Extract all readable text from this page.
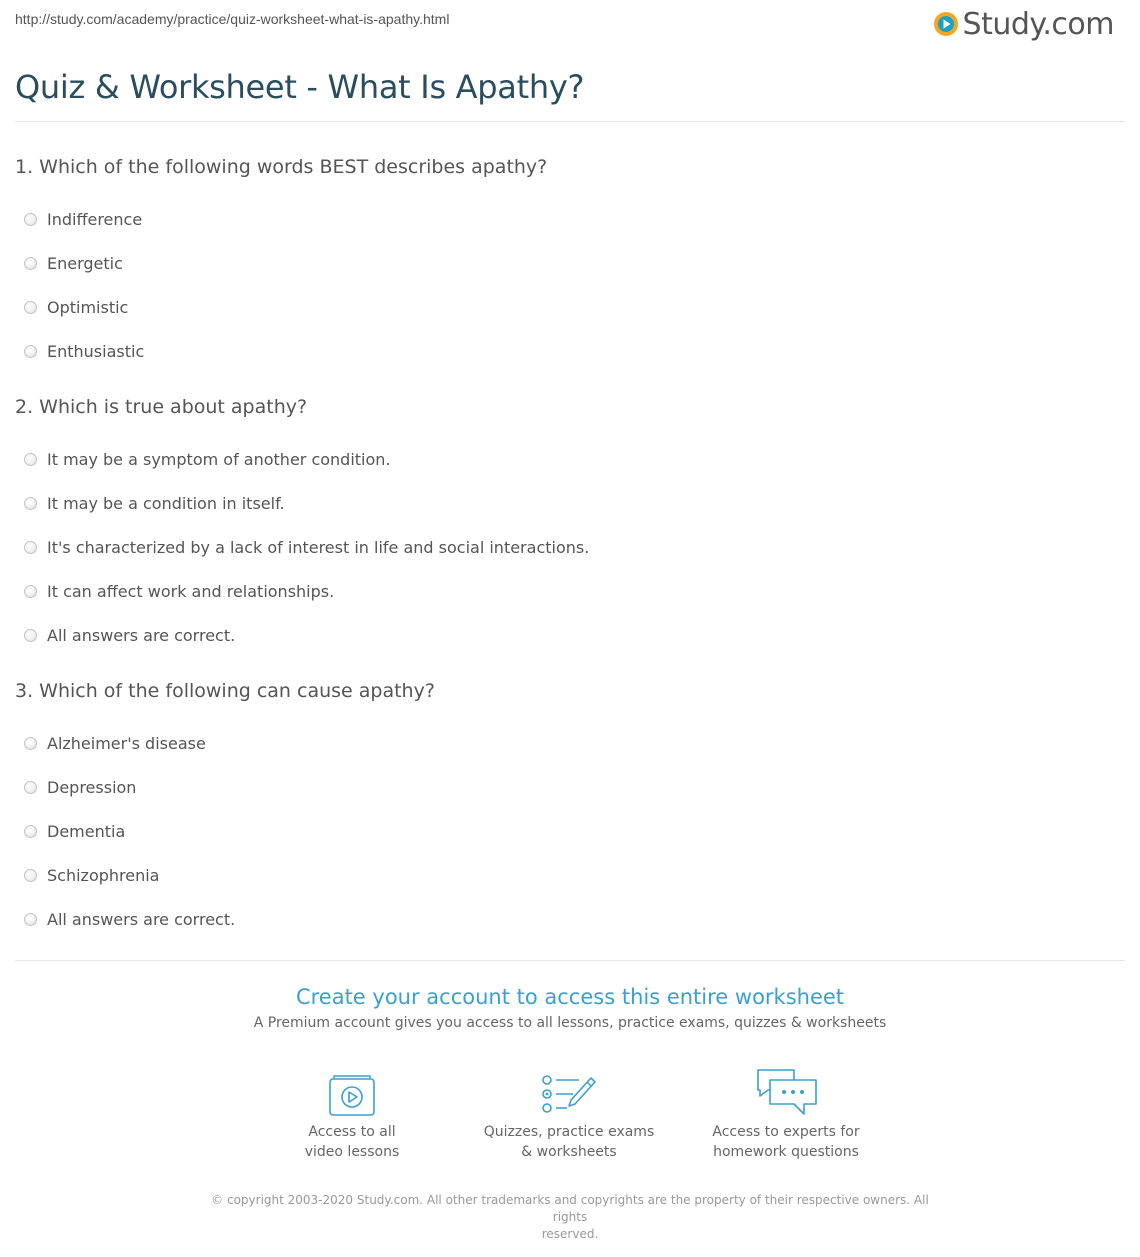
http://study.com/academy/practice/quiz-worksheet-what-is-apathy.html	Study.com
Quiz & Worksheet - What Is Apathy?
1. Which of the following words BEST describes apathy?
Indifference
Energetic
Optimistic
Enthusiastic
2. Which is true about apathy?
It may be a symptom of another condition.
It may be a condition in itself.
It's characterized by a lack of interest in life and social interactions.
It can affect work and relationships.
All answers are correct.
3. Which of the following can cause apathy?
Alzheimer's disease
Depression
Dementia
Schizophrenia
All answers are correct.
Create your account to access this entire worksheet

A Premium account gives you access to all lessons, practice exams, quizzes & worksheets

Access to all
video lessons
Quizzes, practice exams
& worksheets
Access to experts for
homework questions
© copyright 2003-2020 Study.com. All other trademarks and copyrights are the property of their respective owners. All rights
reserved.
